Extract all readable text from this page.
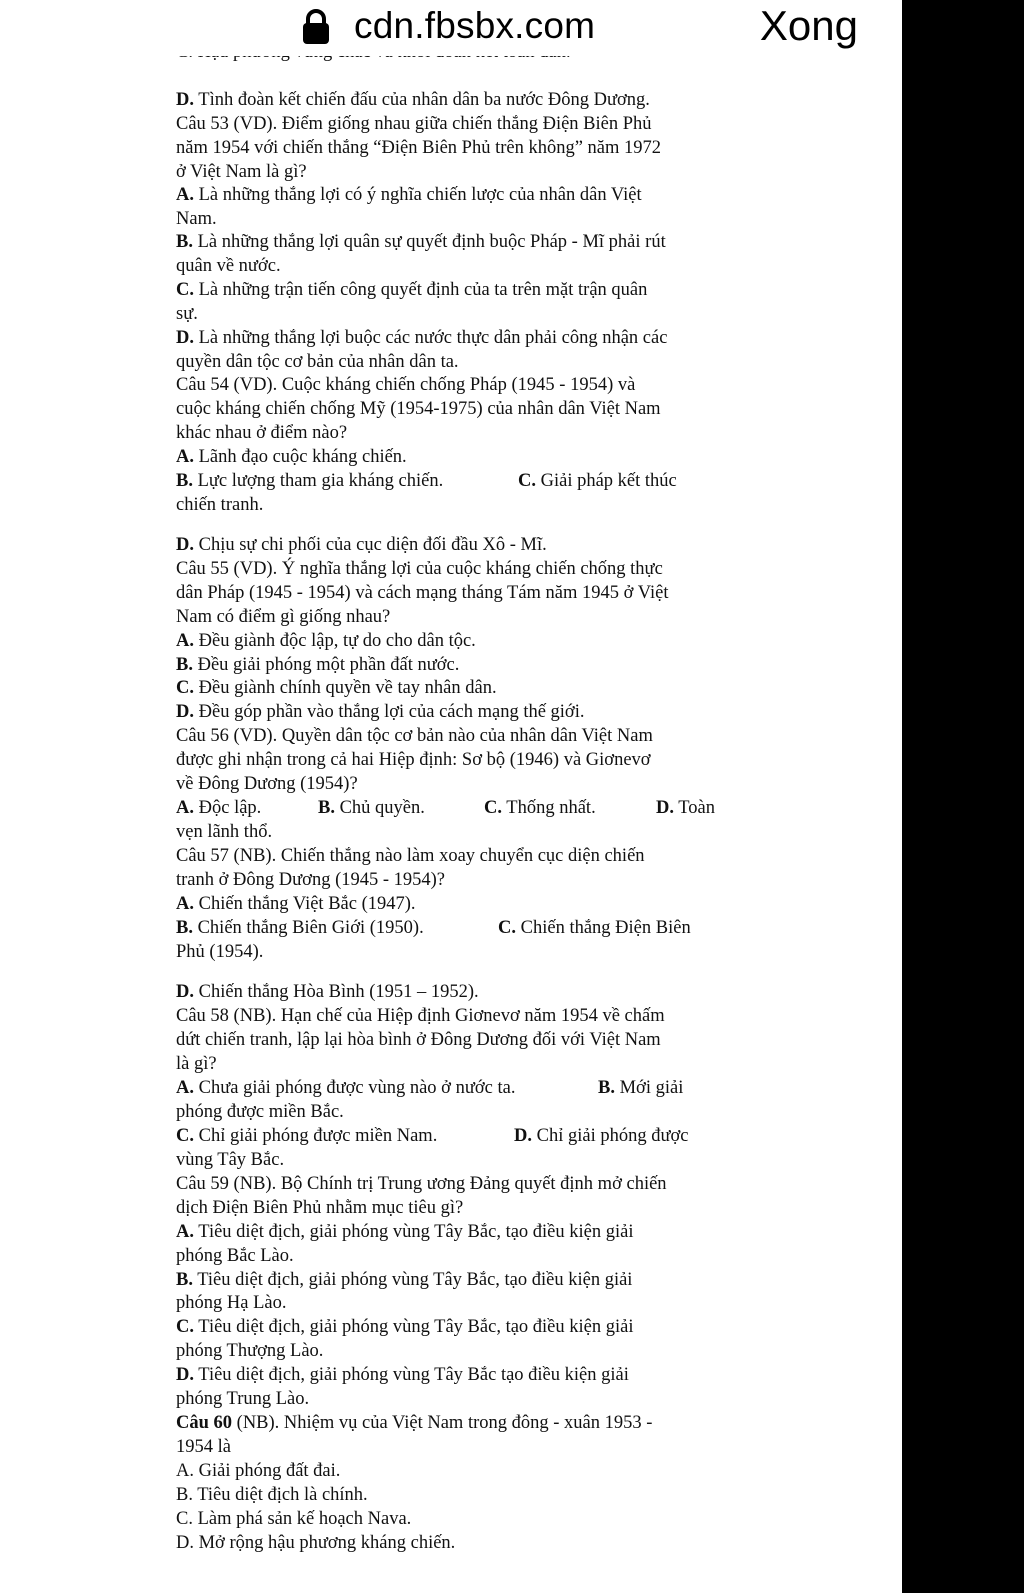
D. Tình đoàn kết chiến đấu của nhân dân ba nước Đông Dương.
Câu 53 (VD). Điểm giống nhau giữa chiến thắng Điện Biên Phủ
năm 1954 với chiến thắng “Điện Biên Phủ trên không” năm 1972
ở Việt Nam là gì?
A. Là những thắng lợi có ý nghĩa chiến lược của nhân dân Việt
Nam.
B. Là những thắng lợi quân sự quyết định buộc Pháp - Mĩ phải rút
quân về nước.
C. Là những trận tiến công quyết định của ta trên mặt trận quân
sự.
D. Là những thắng lợi buộc các nước thực dân phải công nhận các
quyền dân tộc cơ bản của nhân dân ta.
Câu 54 (VD). Cuộc kháng chiến chống Pháp (1945 - 1954) và
cuộc kháng chiến chống Mỹ (1954-1975) của nhân dân Việt Nam
khác nhau ở điểm nào?
A. Lãnh đạo cuộc kháng chiến.
B. Lực lượng tham gia kháng chiến.	C. Giải pháp kết thúc
chiến tranh.
D. Chịu sự chi phối của cục diện đối đầu Xô - Mĩ.
Câu 55 (VD). Ý nghĩa thắng lợi của cuộc kháng chiến chống thực
dân Pháp (1945 - 1954) và cách mạng tháng Tám năm 1945 ở Việt
Nam có điểm gì giống nhau?
A. Đều giành độc lập, tự do cho dân tộc.
B. Đều giải phóng một phần đất nước.
C. Đều giành chính quyền về tay nhân dân.
D. Đều góp phần vào thắng lợi của cách mạng thế giới.
Câu 56 (VD). Quyền dân tộc cơ bản nào của nhân dân Việt Nam
được ghi nhận trong cả hai Hiệp định: Sơ bộ (1946) và Giơnevơ
về Đông Dương (1954)?
A. Độc lập.	B. Chủ quyền.	C. Thống nhất.	D. Toàn
vẹn lãnh thổ.
Câu 57 (NB). Chiến thắng nào làm xoay chuyển cục diện chiến
tranh ở Đông Dương (1945 - 1954)?
A. Chiến thắng Việt Bắc (1947).
B. Chiến thắng Biên Giới (1950).	C. Chiến thắng Điện Biên
Phủ (1954).
D. Chiến thắng Hòa Bình (1951 – 1952).
Câu 58 (NB). Hạn chế của Hiệp định Giơnevơ năm 1954 về chấm
dứt chiến tranh, lập lại hòa bình ở Đông Dương đối với Việt Nam
là gì?
A. Chưa giải phóng được vùng nào ở nước ta.	B. Mới giải
phóng được miền Bắc.
C. Chỉ giải phóng được miền Nam.	D. Chỉ giải phóng được
vùng Tây Bắc.
Câu 59 (NB). Bộ Chính trị Trung ương Đảng quyết định mở chiến
dịch Điện Biên Phủ nhằm mục tiêu gì?
A. Tiêu diệt địch, giải phóng vùng Tây Bắc, tạo điều kiện giải
phóng Bắc Lào.
B. Tiêu diệt địch, giải phóng vùng Tây Bắc, tạo điều kiện giải
phóng Hạ Lào.
C. Tiêu diệt địch, giải phóng vùng Tây Bắc, tạo điều kiện giải
phóng Thượng Lào.
D. Tiêu diệt địch, giải phóng vùng Tây Bắc tạo điều kiện giải
phóng Trung Lào.
Câu 60 (NB). Nhiệm vụ của Việt Nam trong đông - xuân 1953 -
1954 là
A. Giải phóng đất đai.
B. Tiêu diệt địch là chính.
C. Làm phá sản kế hoạch Nava.
D. Mở rộng hậu phương kháng chiến.
cdn.fbsbx.com	Xong
